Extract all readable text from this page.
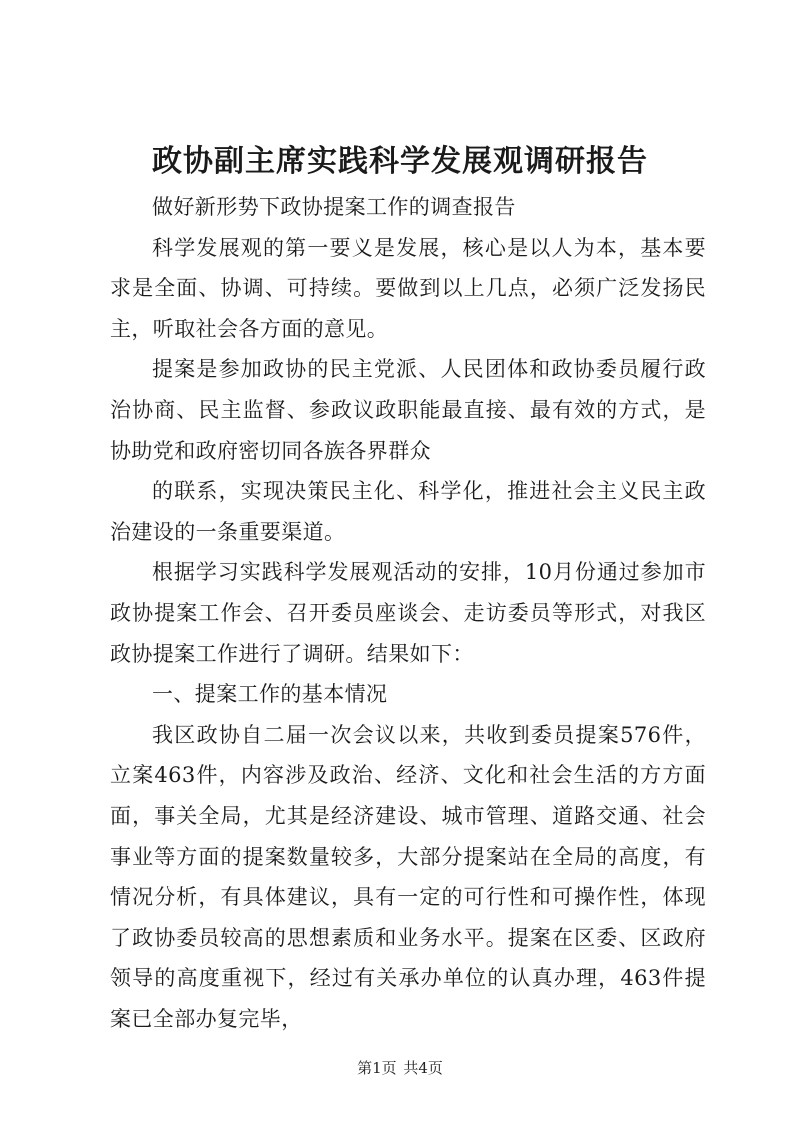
政协副主席实践科学发展观调研报告

做好新形势下政协提案工作的调查报告

科学发展观的第一要义是发展，核心是以人为本，基本要求是全面、协调、可持续。要做到以上几点，必须广泛发扬民主，听取社会各方面的意见。

提案是参加政协的民主党派、人民团体和政协委员履行政治协商、民主监督、参政议政职能最直接、最有效的方式，是协助党和政府密切同各族各界群众

的联系，实现决策民主化、科学化，推进社会主义民主政治建设的一条重要渠道。

根据学习实践科学发展观活动的安排，10月份通过参加市政协提案工作会、召开委员座谈会、走访委员等形式，对我区政协提案工作进行了调研。结果如下：

一、提案工作的基本情况

我区政协自二届一次会议以来，共收到委员提案576件，立案463件，内容涉及政治、经济、文化和社会生活的方方面面，事关全局，尤其是经济建设、城市管理、道路交通、社会事业等方面的提案数量较多，大部分提案站在全局的高度，有情况分析，有具体建议，具有一定的可行性和可操作性，体现了政协委员较高的思想素质和业务水平。提案在区委、区政府领导的高度重视下，经过有关承办单位的认真办理，463件提案已全部办复完毕，

第1页 共4页
